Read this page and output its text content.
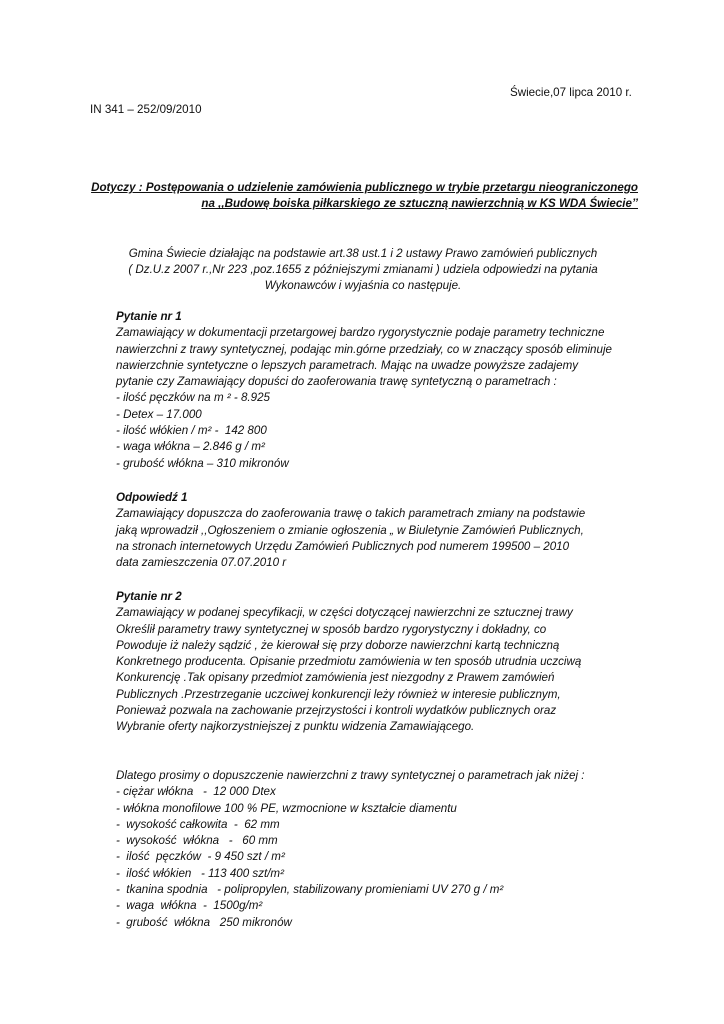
Świecie,07 lipca 2010 r.
IN 341 – 252/09/2010
Dotyczy : Postępowania o udzielenie zamówienia publicznego w trybie przetargu nieograniczonego
na ,,Budowę boiska piłkarskiego ze sztuczną nawierzchnią w KS WDA Świecie’’
Gmina Świecie działając na podstawie art.38 ust.1 i 2 ustawy Prawo zamówień publicznych
( Dz.U.z 2007 r.,Nr 223 ,poz.1655 z późniejszymi zmianami ) udziela odpowiedzi na pytania
Wykonawców i wyjaśnia co następuje.
Pytanie nr 1
Zamawiający w dokumentacji przetargowej bardzo rygorystycznie podaje parametry techniczne
nawierzchni z trawy syntetycznej, podając min.górne przedziały, co w znaczący sposób eliminuje
nawierzchnie syntetyczne o lepszych parametrach. Mając na uwadze powyższe zadajemy
pytanie czy Zamawiający dopuści do zaoferowania trawę syntetyczną o parametrach :
- ilość pęczków na m ² - 8.925
- Detex – 17.000
- ilość włókien / m² -  142 800
- waga włókna – 2.846 g / m²
- grubość włókna – 310 mikronów
Odpowiedź 1
Zamawiający dopuszcza do zaoferowania trawę o takich parametrach zmiany na podstawie
jaką wprowadził ,,Ogłoszeniem o zmianie ogłoszenia „ w Biuletynie Zamówień Publicznych,
na stronach internetowych Urzędu Zamówień Publicznych pod numerem 199500 – 2010
data zamieszczenia 07.07.2010 r
Pytanie nr 2
Zamawiający w podanej specyfikacji, w części dotyczącej nawierzchni ze sztucznej trawy
Określił parametry trawy syntetycznej w sposób bardzo rygorystyczny i dokładny, co
Powoduje iż należy sądzić , że kierował się przy doborze nawierzchni kartą techniczną
Konkretnego producenta. Opisanie przedmiotu zamówienia w ten sposób utrudnia uczciwą
Konkurencję .Tak opisany przedmiot zamówienia jest niezgodny z Prawem zamówień
Publicznych .Przestrzeganie uczciwej konkurencji leży również w interesie publicznym,
Ponieważ pozwala na zachowanie przejrzystości i kontroli wydatków publicznych oraz
Wybranie oferty najkorzystniejszej z punktu widzenia Zamawiającego.
Dlatego prosimy o dopuszczenie nawierzchni z trawy syntetycznej o parametrach jak niżej :
- ciężar włókna   -  12 000 Dtex
- włókna monofilowe 100 % PE, wzmocnione w kształcie diamentu
-  wysokość całkowita  -  62 mm
-  wysokość  włókna   -   60 mm
-  ilość  pęczków  - 9 450 szt / m²
-  ilość włókien   - 113 400 szt/m²
-  tkanina spodnia   - polipropylen, stabilizowany promieniami UV 270 g / m²
-  waga  włókna  -  1500g/m²
-  grubość  włókna   250 mikronów
